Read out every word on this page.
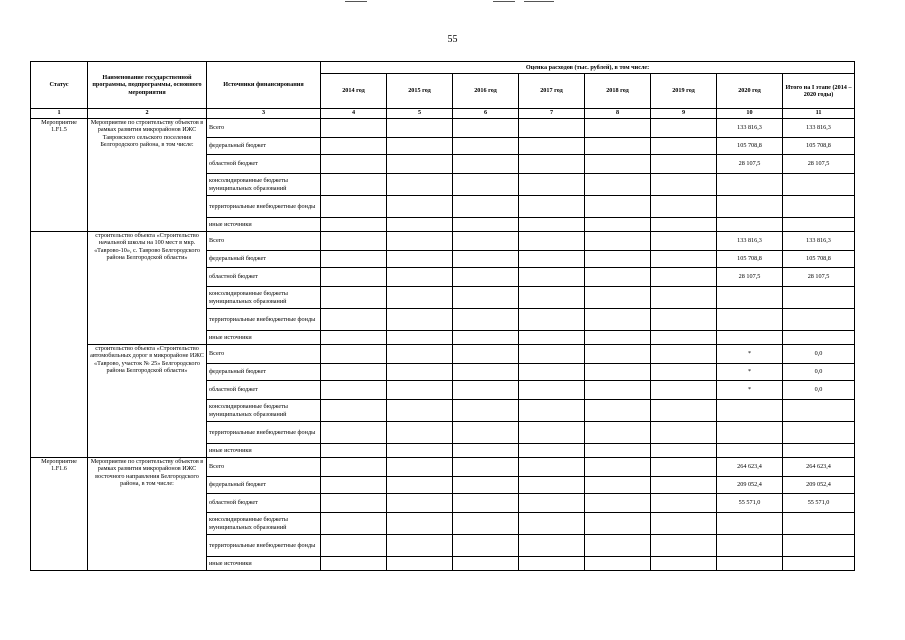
55
Статус	Наименование государственной программы, подпрограммы, основного мероприятия	Источники финансирования	Оценка расходов (тыс. рублей), в том числе:							
			2014 год	2015 год	2016 год	2017 год	2018 год	2019 год	2020 год	Итого на I этапе (2014 – 2020 годы)
1	2	3	4	5	6	7	8	9	10	11
Мероприятие 1.F1.5	Мероприятие по строительству объектов в рамках развития микрорайонов ИЖС Тавровского сельского поселения Белгородского района, в том числе:	Всего							133 816,3	133 816,3
		федеральный бюджет							105 708,8	105 708,8
		областной бюджет							28 107,5	28 107,5
		консолидированные бюджеты муниципальных образований								
		территориальные внебюджетные фонды								
		иные источники								
	строительство объекта «Строительство начальной школы на 100 мест в мкр. «Таврово-10», с. Таврово Белгородского района Белгородской области»	Всего							133 816,3	133 816,3
		федеральный бюджет							105 708,8	105 708,8
		областной бюджет							28 107,5	28 107,5
		консолидированные бюджеты муниципальных образований								
		территориальные внебюджетные фонды								
		иные источники								
	строительство объекта «Строительство автомобильных дорог в микрорайоне ИЖС «Таврово, участок № 25» Белгородского района Белгородской области»	Всего							*	0,0
		федеральный бюджет							*	0,0
		областной бюджет							*	0,0
		консолидированные бюджеты муниципальных образований								
		территориальные внебюджетные фонды								
		иные источники								
Мероприятие 1.F1.6	Мероприятие по строительству объектов в рамках развития микрорайонов ИЖС восточного направления Белгородского района, в том числе:	Всего							264 623,4	264 623,4
		федеральный бюджет							209 052,4	209 052,4
		областной бюджет							55 571,0	55 571,0
		консолидированные бюджеты муниципальных образований								
		территориальные внебюджетные фонды								
		иные источники								
